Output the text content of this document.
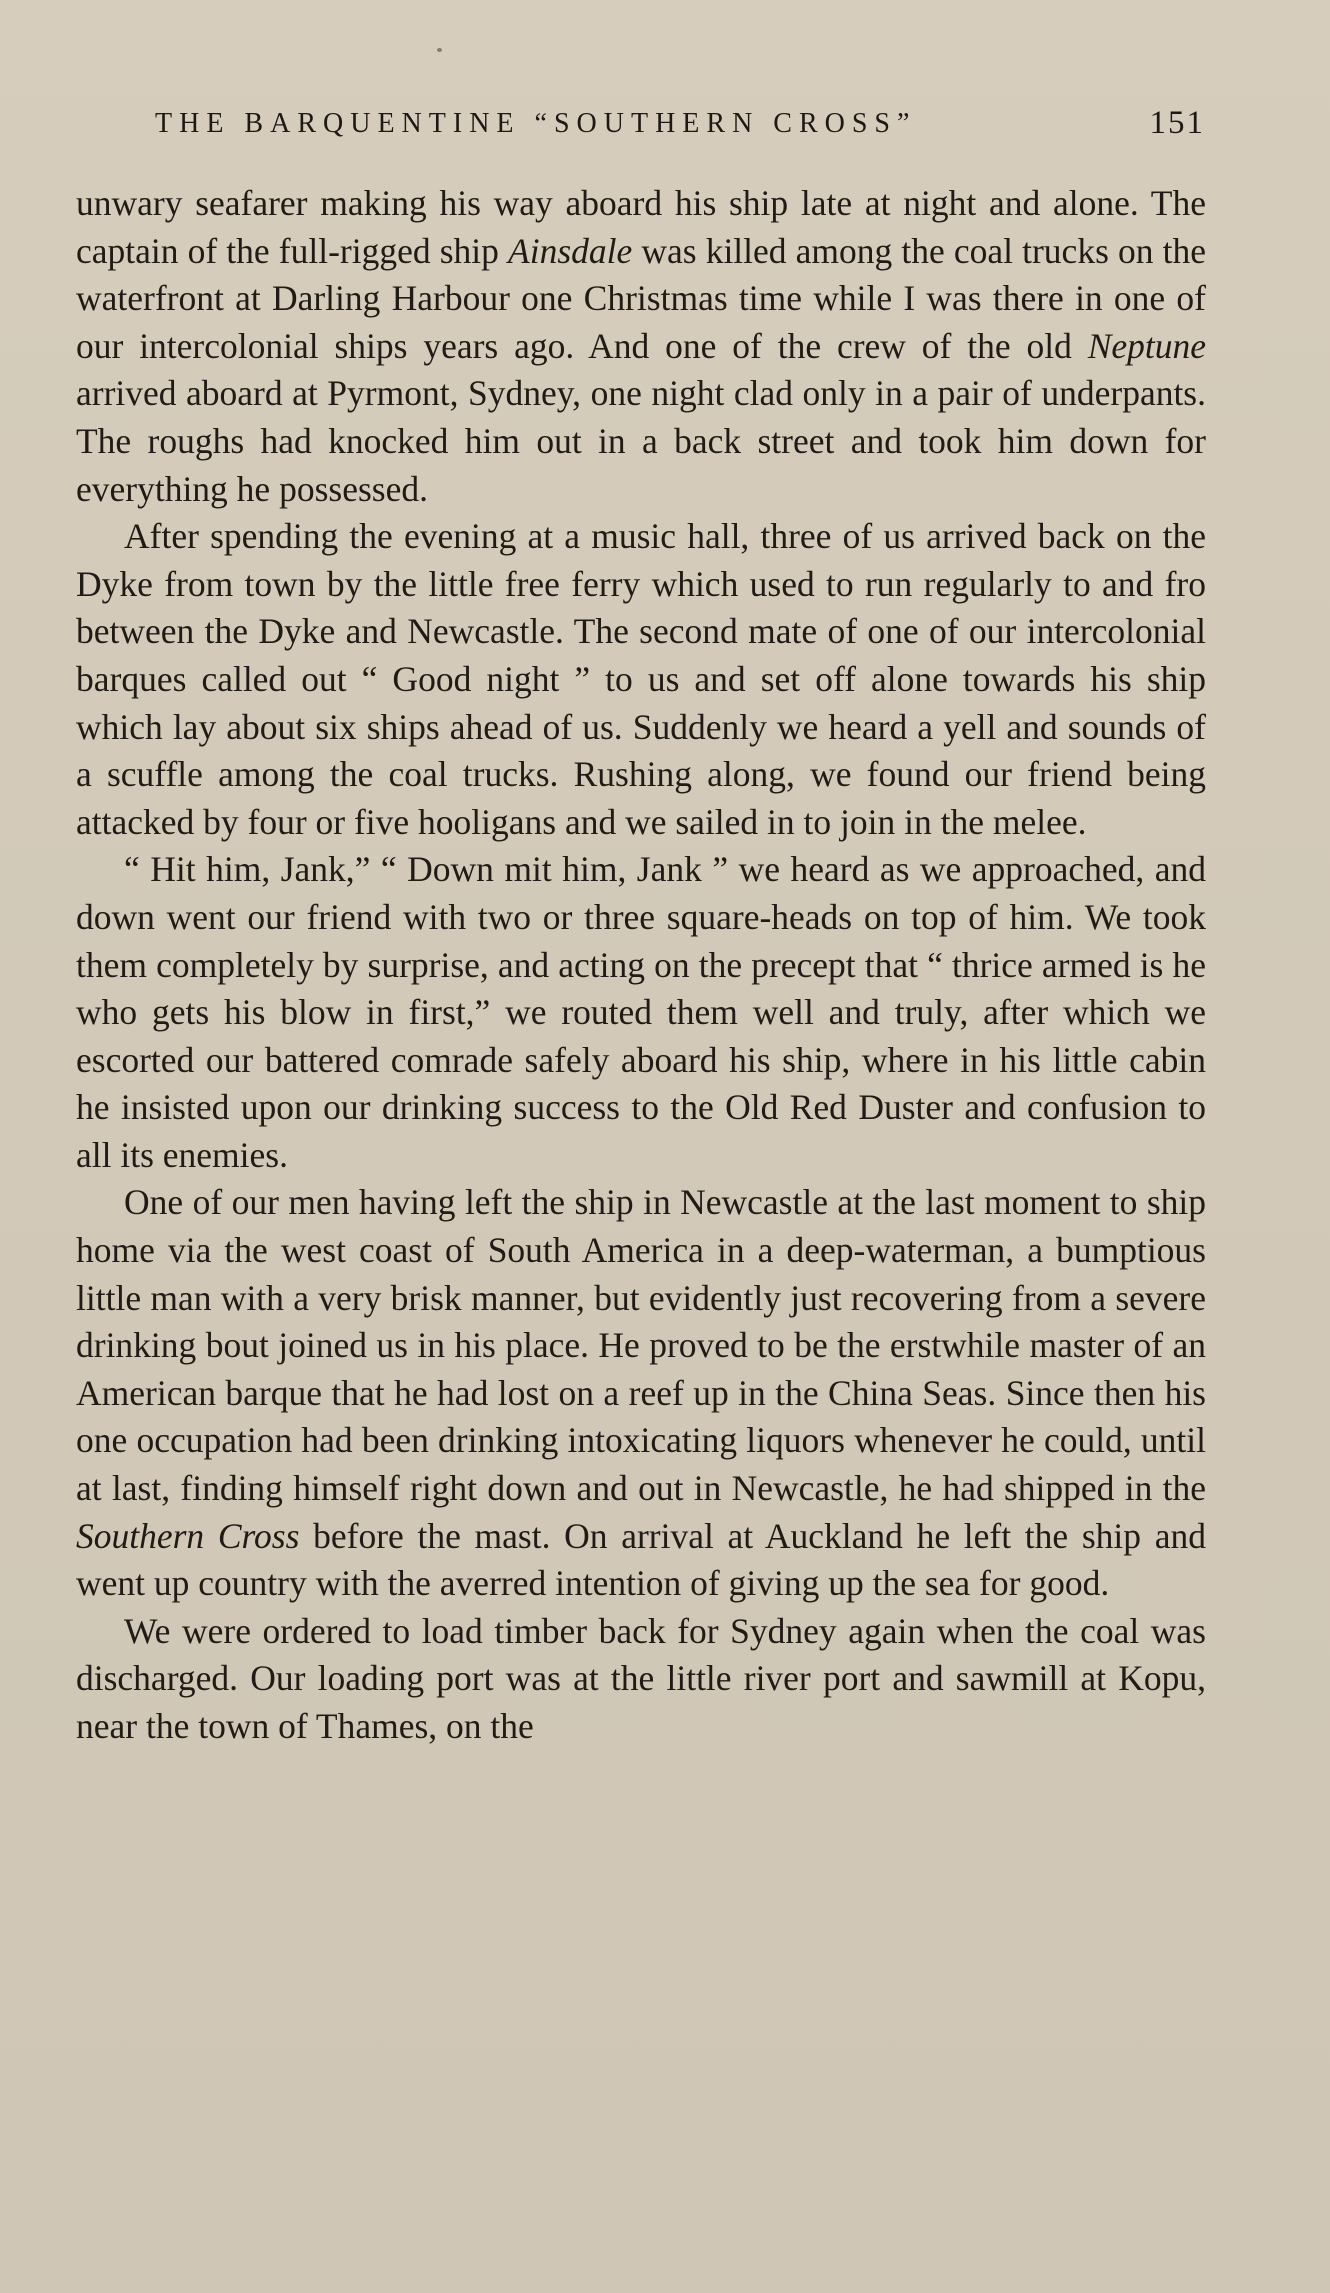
THE BARQUENTINE “SOUTHERN CROSS”	151

unwary seafarer making his way aboard his ship late at night and alone. The captain of the full-rigged ship Ainsdale was killed among the coal trucks on the waterfront at Darling Harbour one Christmas time while I was there in one of our intercolonial ships years ago. And one of the crew of the old Neptune arrived aboard at Pyrmont, Sydney, one night clad only in a pair of underpants. The roughs had knocked him out in a back street and took him down for everything he possessed.

After spending the evening at a music hall, three of us arrived back on the Dyke from town by the little free ferry which used to run regularly to and fro between the Dyke and Newcastle. The second mate of one of our intercolonial barques called out “ Good night ” to us and set off alone towards his ship which lay about six ships ahead of us. Suddenly we heard a yell and sounds of a scuffle among the coal trucks. Rushing along, we found our friend being attacked by four or five hooligans and we sailed in to join in the melee.

“ Hit him, Jank,” “ Down mit him, Jank ” we heard as we approached, and down went our friend with two or three square-heads on top of him. We took them completely by surprise, and acting on the precept that “ thrice armed is he who gets his blow in first,” we routed them well and truly, after which we escorted our battered comrade safely aboard his ship, where in his little cabin he insisted upon our drinking success to the Old Red Duster and confusion to all its enemies.

One of our men having left the ship in Newcastle at the last moment to ship home via the west coast of South America in a deep-waterman, a bumptious little man with a very brisk manner, but evidently just recovering from a severe drinking bout joined us in his place. He proved to be the erstwhile master of an American barque that he had lost on a reef up in the China Seas. Since then his one occupation had been drinking intoxicating liquors whenever he could, until at last, finding himself right down and out in Newcastle, he had shipped in the Southern Cross before the mast. On arrival at Auckland he left the ship and went up country with the averred intention of giving up the sea for good.

We were ordered to load timber back for Sydney again when the coal was discharged. Our loading port was at the little river port and sawmill at Kopu, near the town of Thames, on the
